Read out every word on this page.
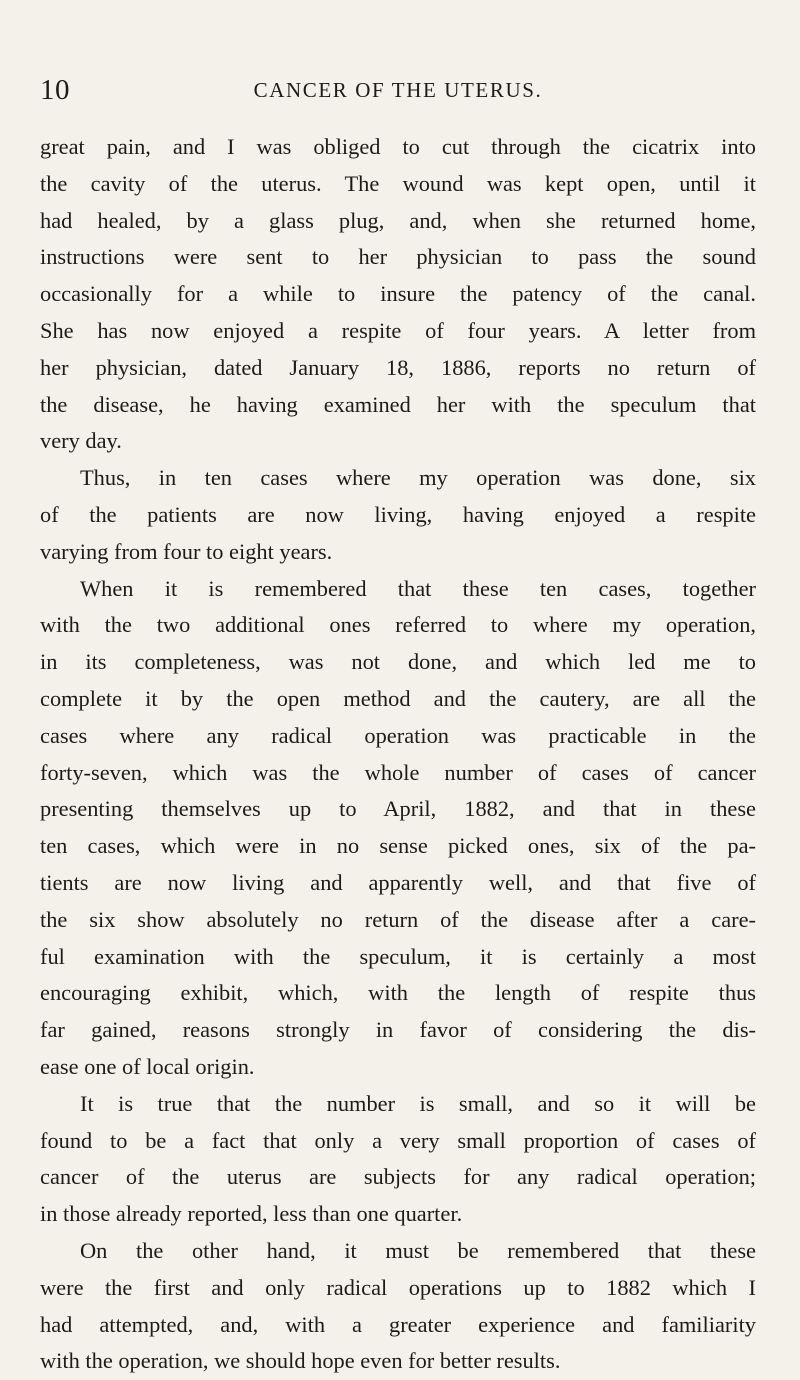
10	CANCER OF THE UTERUS.
great pain, and I was obliged to cut through the cicatrix into
the cavity of the uterus. The wound was kept open, until it
had healed, by a glass plug, and, when she returned home,
instructions were sent to her physician to pass the sound
occasionally for a while to insure the patency of the canal.
She has now enjoyed a respite of four years. A letter from
her physician, dated January 18, 1886, reports no return of
the disease, he having examined her with the speculum that
very day.
Thus, in ten cases where my operation was done, six
of the patients are now living, having enjoyed a respite
varying from four to eight years.
When it is remembered that these ten cases, together
with the two additional ones referred to where my operation,
in its completeness, was not done, and which led me to
complete it by the open method and the cautery, are all the
cases where any radical operation was practicable in the
forty-seven, which was the whole number of cases of cancer
presenting themselves up to April, 1882, and that in these
ten cases, which were in no sense picked ones, six of the pa-
tients are now living and apparently well, and that five of
the six show absolutely no return of the disease after a care-
ful examination with the speculum, it is certainly a most
encouraging exhibit, which, with the length of respite thus
far gained, reasons strongly in favor of considering the dis-
ease one of local origin.
It is true that the number is small, and so it will be
found to be a fact that only a very small proportion of cases of
cancer of the uterus are subjects for any radical operation;
in those already reported, less than one quarter.
On the other hand, it must be remembered that these
were the first and only radical operations up to 1882 which I
had attempted, and, with a greater experience and familiarity
with the operation, we should hope even for better results.
